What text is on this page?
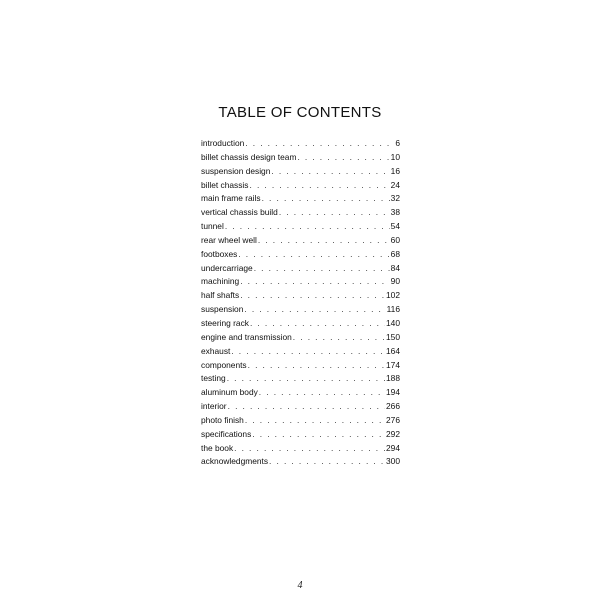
TABLE OF CONTENTS
introduction . . .	6
billet chassis design team . . .	10
suspension design . . .	16
billet chassis . . .	24
main frame rails . . .	32
vertical chassis build . . .	38
tunnel . . .	54
rear wheel well . . .	60
footboxes . . .	68
undercarriage . . .	84
machining . . .	90
half shafts . . .	102
suspension . . .	116
steering rack . . .	140
engine and transmission . . .	150
exhaust . . .	164
components . . .	174
testing . . .	188
aluminum body . . .	194
interior . . .	266
photo finish . . .	276
specifications . . .	292
the book . . .	294
acknowledgments . . .	300
4
